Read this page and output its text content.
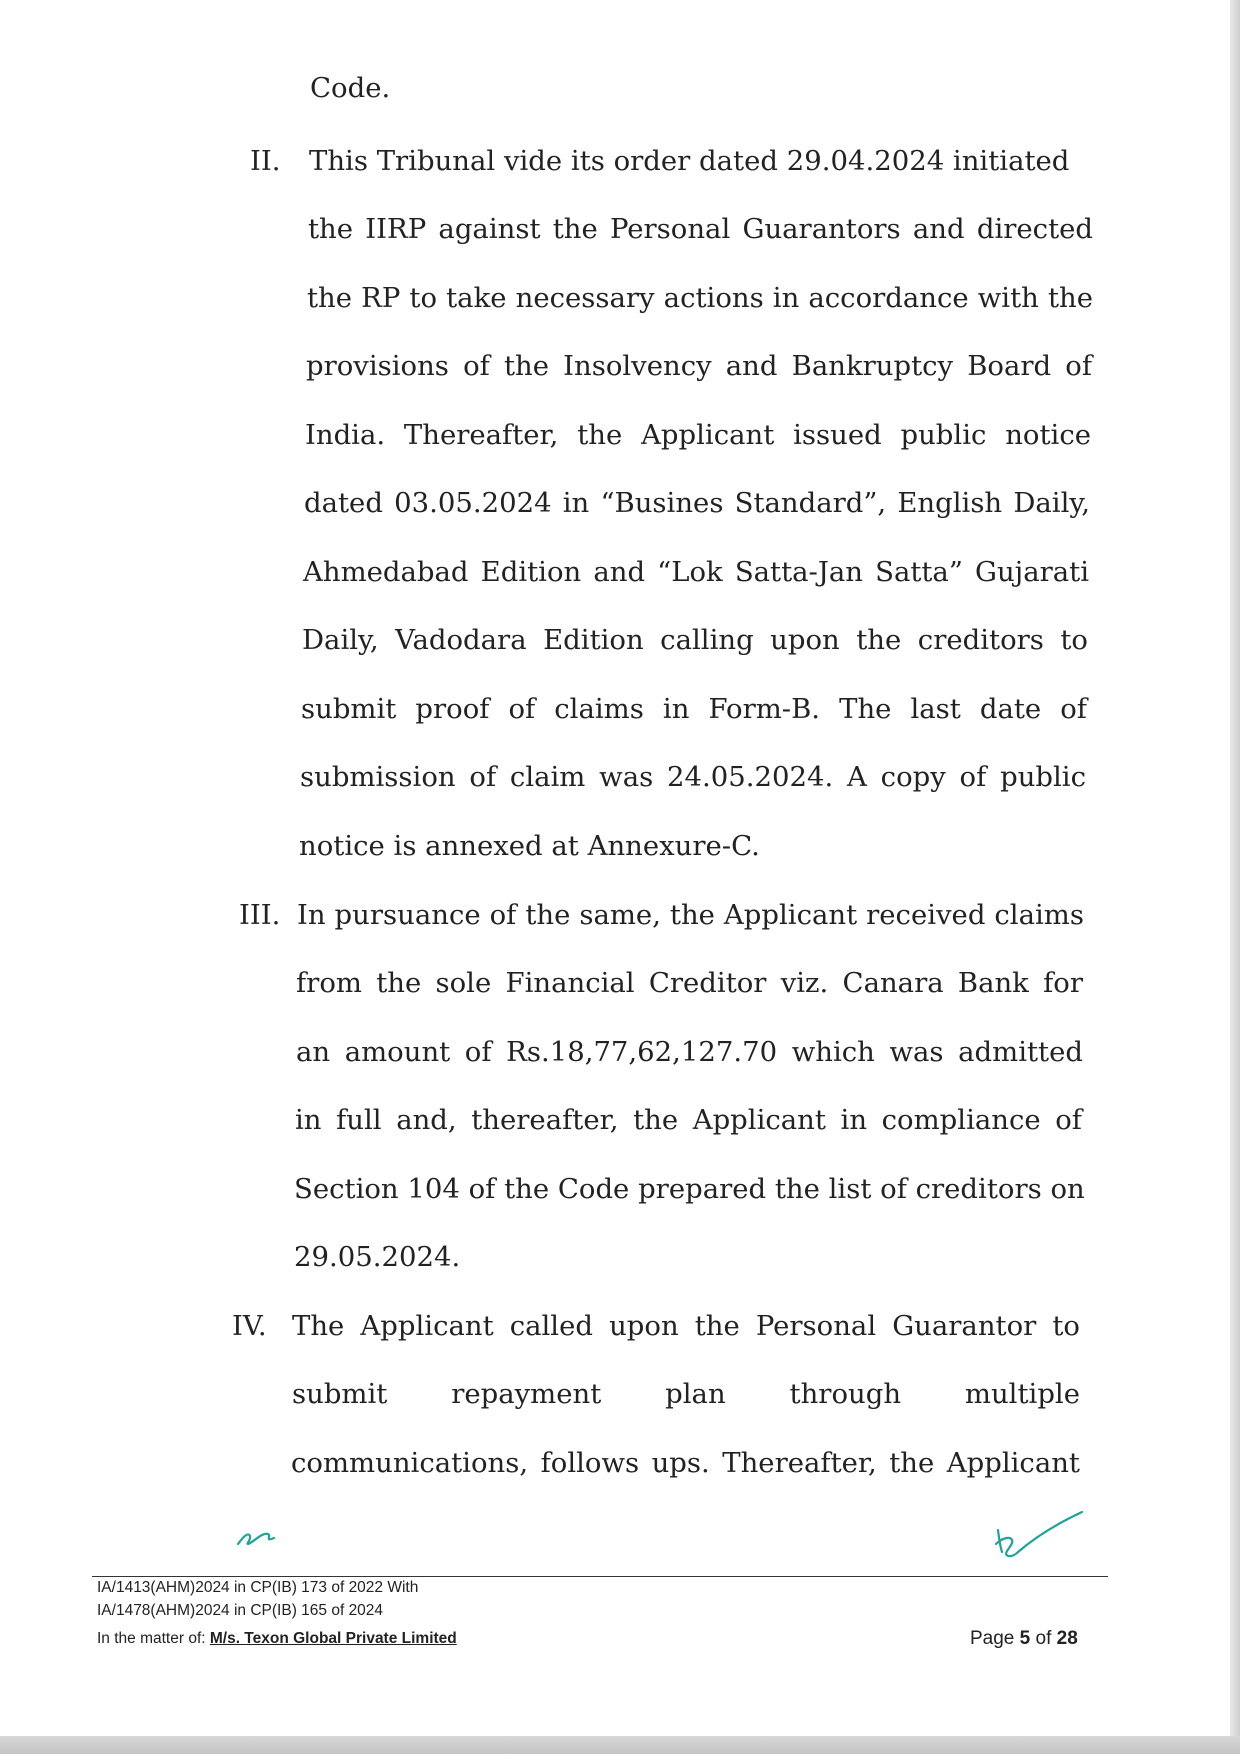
Code.
II. This Tribunal vide its order dated 29.04.2024 initiated
the IIRP against the Personal Guarantors and directed
the RP to take necessary actions in accordance with the
provisions of the Insolvency and Bankruptcy Board of
India. Thereafter, the Applicant issued public notice
dated 03.05.2024 in “Busines Standard”, English Daily,
Ahmedabad Edition and “Lok Satta-Jan Satta” Gujarati
Daily, Vadodara Edition calling upon the creditors to
submit proof of claims in Form-B. The last date of
submission of claim was 24.05.2024. A copy of public
notice is annexed at Annexure-C.
III. In pursuance of the same, the Applicant received claims
from the sole Financial Creditor viz. Canara Bank for
an amount of Rs.18,77,62,127.70 which was admitted
in full and, thereafter, the Applicant in compliance of
Section 104 of the Code prepared the list of creditors on
29.05.2024.
IV. The Applicant called upon the Personal Guarantor to
submit repayment plan through multiple
communications, follows ups. Thereafter, the Applicant
IA/1413(AHM)2024 in CP(IB) 173 of 2022 With
IA/1478(AHM)2024 in CP(IB) 165 of 2024
In the matter of: M/s. Texon Global Private Limited	Page 5 of 28
